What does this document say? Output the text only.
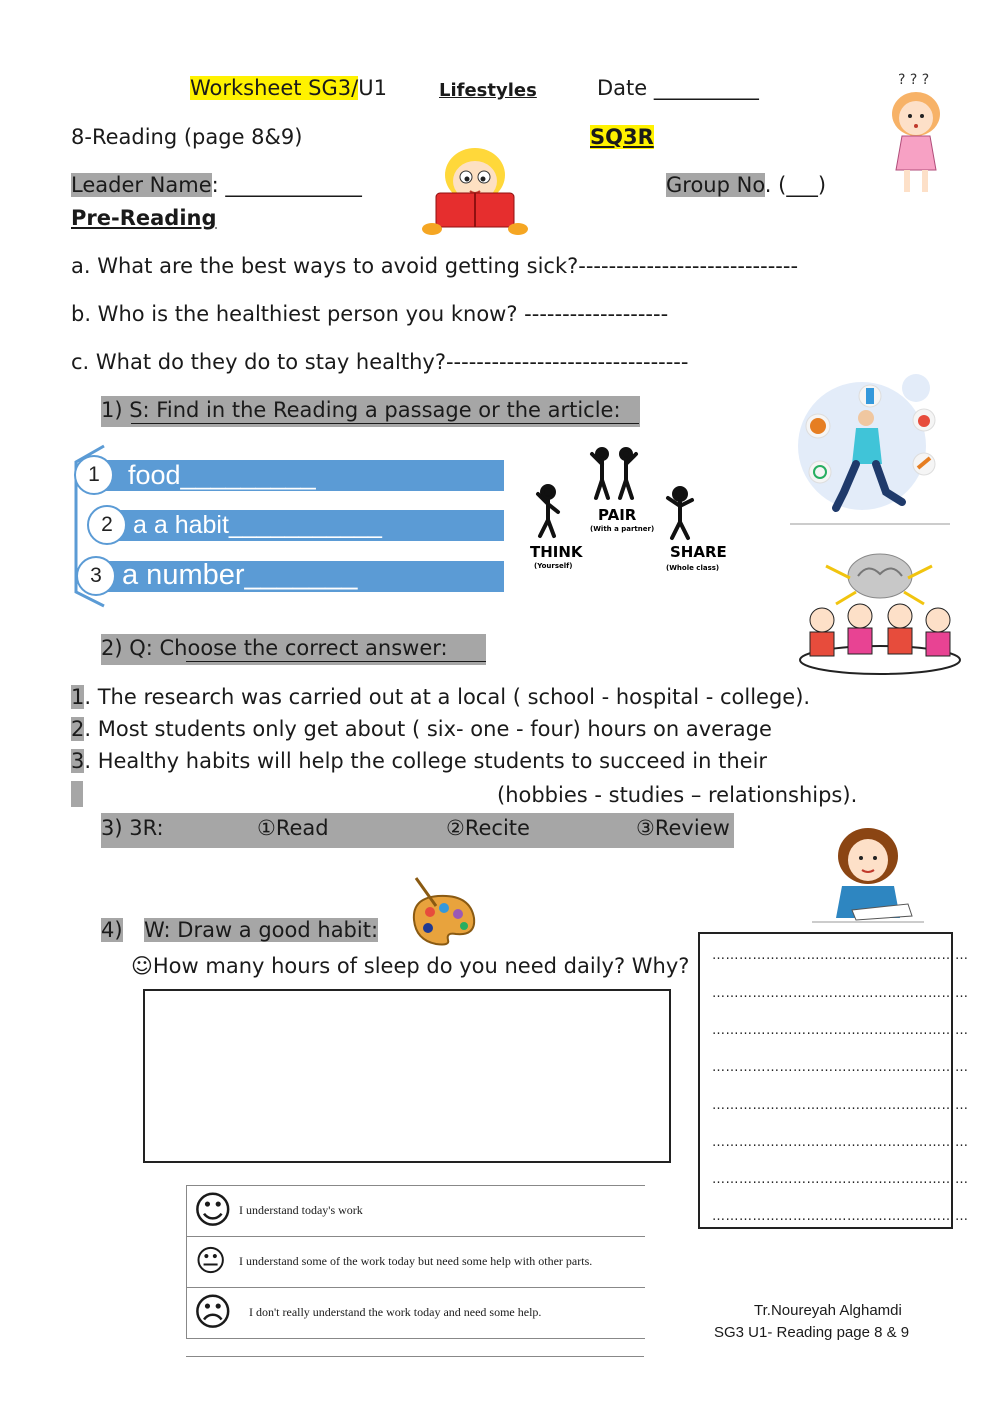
Worksheet SG3/U1	Lifestyles	Date __________
8-Reading (page 8&9)	SQ3R
Leader Name: _____________	Group No. (___)
? ? ?
Pre-Reading
a. What are the best ways to avoid getting sick?-----------------------------
b. Who is the healthiest person you know? -------------------
c. What do they do to stay healthy?--------------------------------
1) S: Find in the Reading a passage or the article:
food_________
1
a a habit___________
2
a number_______
3
THINK
(Yourself)
PAIR
(With a partner)
SHARE
(Whole class)
2) Q: Choose the correct answer:
1. The research was carried out at a local ( school - hospital - college).
2. Most students only get about ( six- one - four) hours on average
3. Healthy habits will help the college students to succeed in their
(hobbies - studies – relationships).
3) 3R:	①Read	②Recite	③Review
4) W: Draw a good habit:
☺How many hours of sleep do you need daily? Why? …………………………………………………
…………………………………………………
…………………………………………………
…………………………………………………
…………………………………………………
…………………………………………………
…………………………………………………
…………………………………………………
☺ I understand today's work
😐 I understand some of the work today but need some help with other parts.
☹ I don't really understand the work today and need some help.	Tr.Noureyah Alghamdi
SG3 U1- Reading page 8 & 9
